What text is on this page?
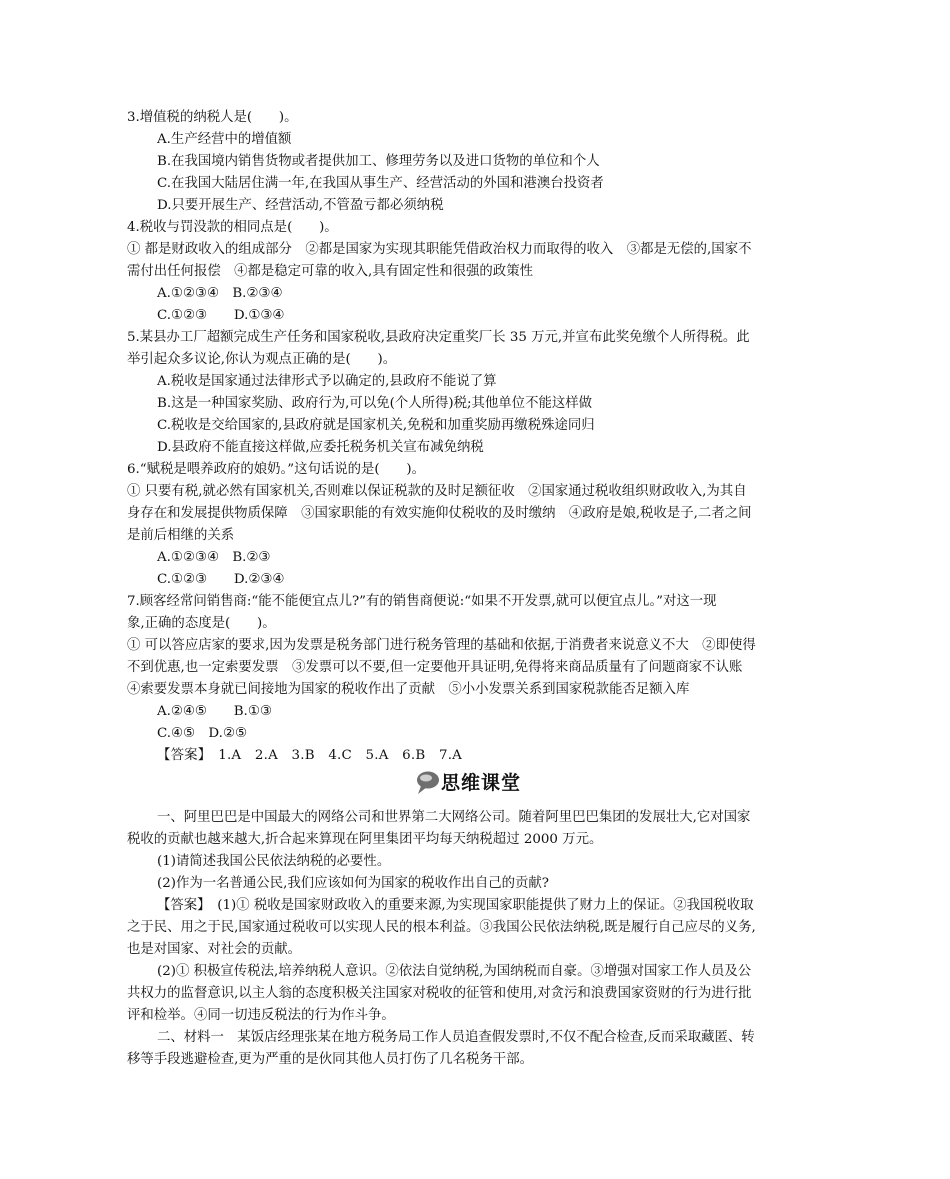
3.增值税的纳税人是(　　)。
A.生产经营中的增值额
B.在我国境内销售货物或者提供加工、修理劳务以及进口货物的单位和个人
C.在我国大陆居住满一年,在我国从事生产、经营活动的外国和港澳台投资者
D.只要开展生产、经营活动,不管盈亏都必须纳税
4.税收与罚没款的相同点是(　　)。
① 都是财政收入的组成部分　②都是国家为实现其职能凭借政治权力而取得的收入　③都是无偿的,国家不
需付出任何报偿　④都是稳定可靠的收入,具有固定性和很强的政策性
A.①②③④　B.②③④
C.①②③　　D.①③④
5.某县办工厂超额完成生产任务和国家税收,县政府决定重奖厂长 35 万元,并宣布此奖免缴个人所得税。此
举引起众多议论,你认为观点正确的是(　　)。
A.税收是国家通过法律形式予以确定的,县政府不能说了算
B.这是一种国家奖励、政府行为,可以免(个人所得)税;其他单位不能这样做
C.税收是交给国家的,县政府就是国家机关,免税和加重奖励再缴税殊途同归
D.县政府不能直接这样做,应委托税务机关宣布减免纳税
6.“赋税是喂养政府的娘奶。”这句话说的是(　　)。
① 只要有税,就必然有国家机关,否则难以保证税款的及时足额征收　②国家通过税收组织财政收入,为其自
身存在和发展提供物质保障　③国家职能的有效实施仰仗税收的及时缴纳　④政府是娘,税收是子,二者之间
是前后相继的关系
A.①②③④　B.②③
C.①②③　　D.②③④
7.顾客经常问销售商:“能不能便宜点儿?”有的销售商便说:“如果不开发票,就可以便宜点儿。”对这一现
象,正确的态度是(　　)。
① 可以答应店家的要求,因为发票是税务部门进行税务管理的基础和依据,于消费者来说意义不大　②即使得
不到优惠,也一定索要发票　③发票可以不要,但一定要他开具证明,免得将来商品质量有了问题商家不认账
④索要发票本身就已间接地为国家的税收作出了贡献　⑤小小发票关系到国家税款能否足额入库
A.②④⑤　　B.①③
C.④⑤　D.②⑤
【答案】　1.A　2.A　3.B　4.C　5.A　6.B　7.A
思维课堂
一、阿里巴巴是中国最大的网络公司和世界第二大网络公司。随着阿里巴巴集团的发展壮大,它对国家
税收的贡献也越来越大,折合起来算现在阿里集团平均每天纳税超过 2000 万元。
(1)请简述我国公民依法纳税的必要性。
(2)作为一名普通公民,我们应该如何为国家的税收作出自己的贡献?
【答案】　(1)① 税收是国家财政收入的重要来源,为实现国家职能提供了财力上的保证。②我国税收取
之于民、用之于民,国家通过税收可以实现人民的根本利益。③我国公民依法纳税,既是履行自己应尽的义务,
也是对国家、对社会的贡献。
(2)① 积极宣传税法,培养纳税人意识。②依法自觉纳税,为国纳税而自豪。③增强对国家工作人员及公
共权力的监督意识,以主人翁的态度积极关注国家对税收的征管和使用,对贪污和浪费国家资财的行为进行批
评和检举。④同一切违反税法的行为作斗争。
二、材料一　某饭店经理张某在地方税务局工作人员追查假发票时,不仅不配合检查,反而采取藏匿、转
移等手段逃避检查,更为严重的是伙同其他人员打伤了几名税务干部。
